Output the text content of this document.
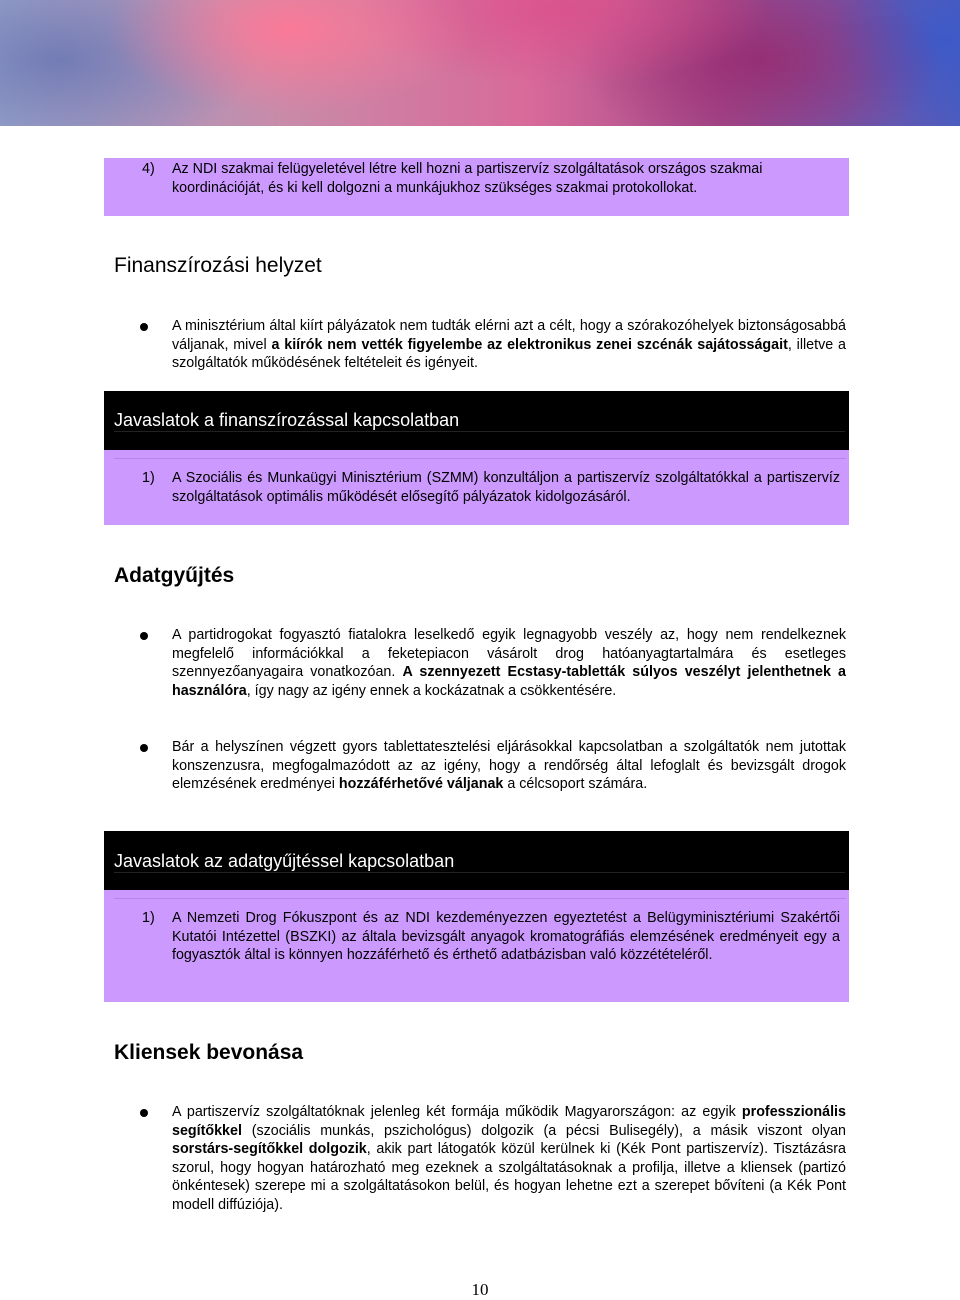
4) Az NDI szakmai felügyeletével létre kell hozni a partiszervíz szolgáltatások országos szakmai koordinációját, és ki kell dolgozni a munkájukhoz szükséges szakmai protokollokat.
Finanszírozási helyzet
A minisztérium által kiírt pályázatok nem tudták elérni azt a célt, hogy a szórakozóhelyek biztonságosabbá váljanak, mivel a kiírók nem vették figyelembe az elektronikus zenei szcénák sajátosságait, illetve a szolgáltatók működésének feltételeit és igényeit.
Javaslatok a finanszírozással kapcsolatban
1) A Szociális és Munkaügyi Minisztérium (SZMM) konzultáljon a partiszervíz szolgáltatókkal a partiszervíz szolgáltatások optimális működését elősegítő pályázatok kidolgozásáról.
Adatgyűjtés
A partidrogokat fogyasztó fiatalokra leselkedő egyik legnagyobb veszély az, hogy nem rendelkeznek megfelelő információkkal a feketepiacon vásárolt drog hatóanyagtartalmára és esetleges szennyezőanyagaira vonatkozóan. A szennyezett Ecstasy-tabletták súlyos veszélyt jelenthetnek a használóra, így nagy az igény ennek a kockázatnak a csökkentésére.
Bár a helyszínen végzett gyors tablettatesztelési eljárásokkal kapcsolatban a szolgáltatók nem jutottak konszenzusra, megfogalmazódott az az igény, hogy a rendőrség által lefoglalt és bevizsgált drogok elemzésének eredményei hozzáférhetővé váljanak a célcsoport számára.
Javaslatok az adatgyűjtéssel kapcsolatban
1) A Nemzeti Drog Fókuszpont és az NDI kezdeményezzen egyeztetést a Belügyminisztériumi Szakértői Kutatói Intézettel (BSZKI) az általa bevizsgált anyagok kromatográfiás elemzésének eredményeit egy a fogyasztók által is könnyen hozzáférhető és érthető adatbázisban való közzétételéről.
Kliensek bevonása
A partiszervíz szolgáltatóknak jelenleg két formája működik Magyarországon: az egyik professzionális segítőkkel (szociális munkás, pszichológus) dolgozik (a pécsi Bulisegély), a másik viszont olyan sorstárs-segítőkkel dolgozik, akik part látogatók közül kerülnek ki (Kék Pont partiszervíz). Tisztázásra szorul, hogy hogyan határozható meg ezeknek a szolgáltatásoknak a profilja, illetve a kliensek (partizó önkéntesek) szerepe mi a szolgáltatásokon belül, és hogyan lehetne ezt a szerepet bővíteni (a Kék Pont modell diffúziója).
10
